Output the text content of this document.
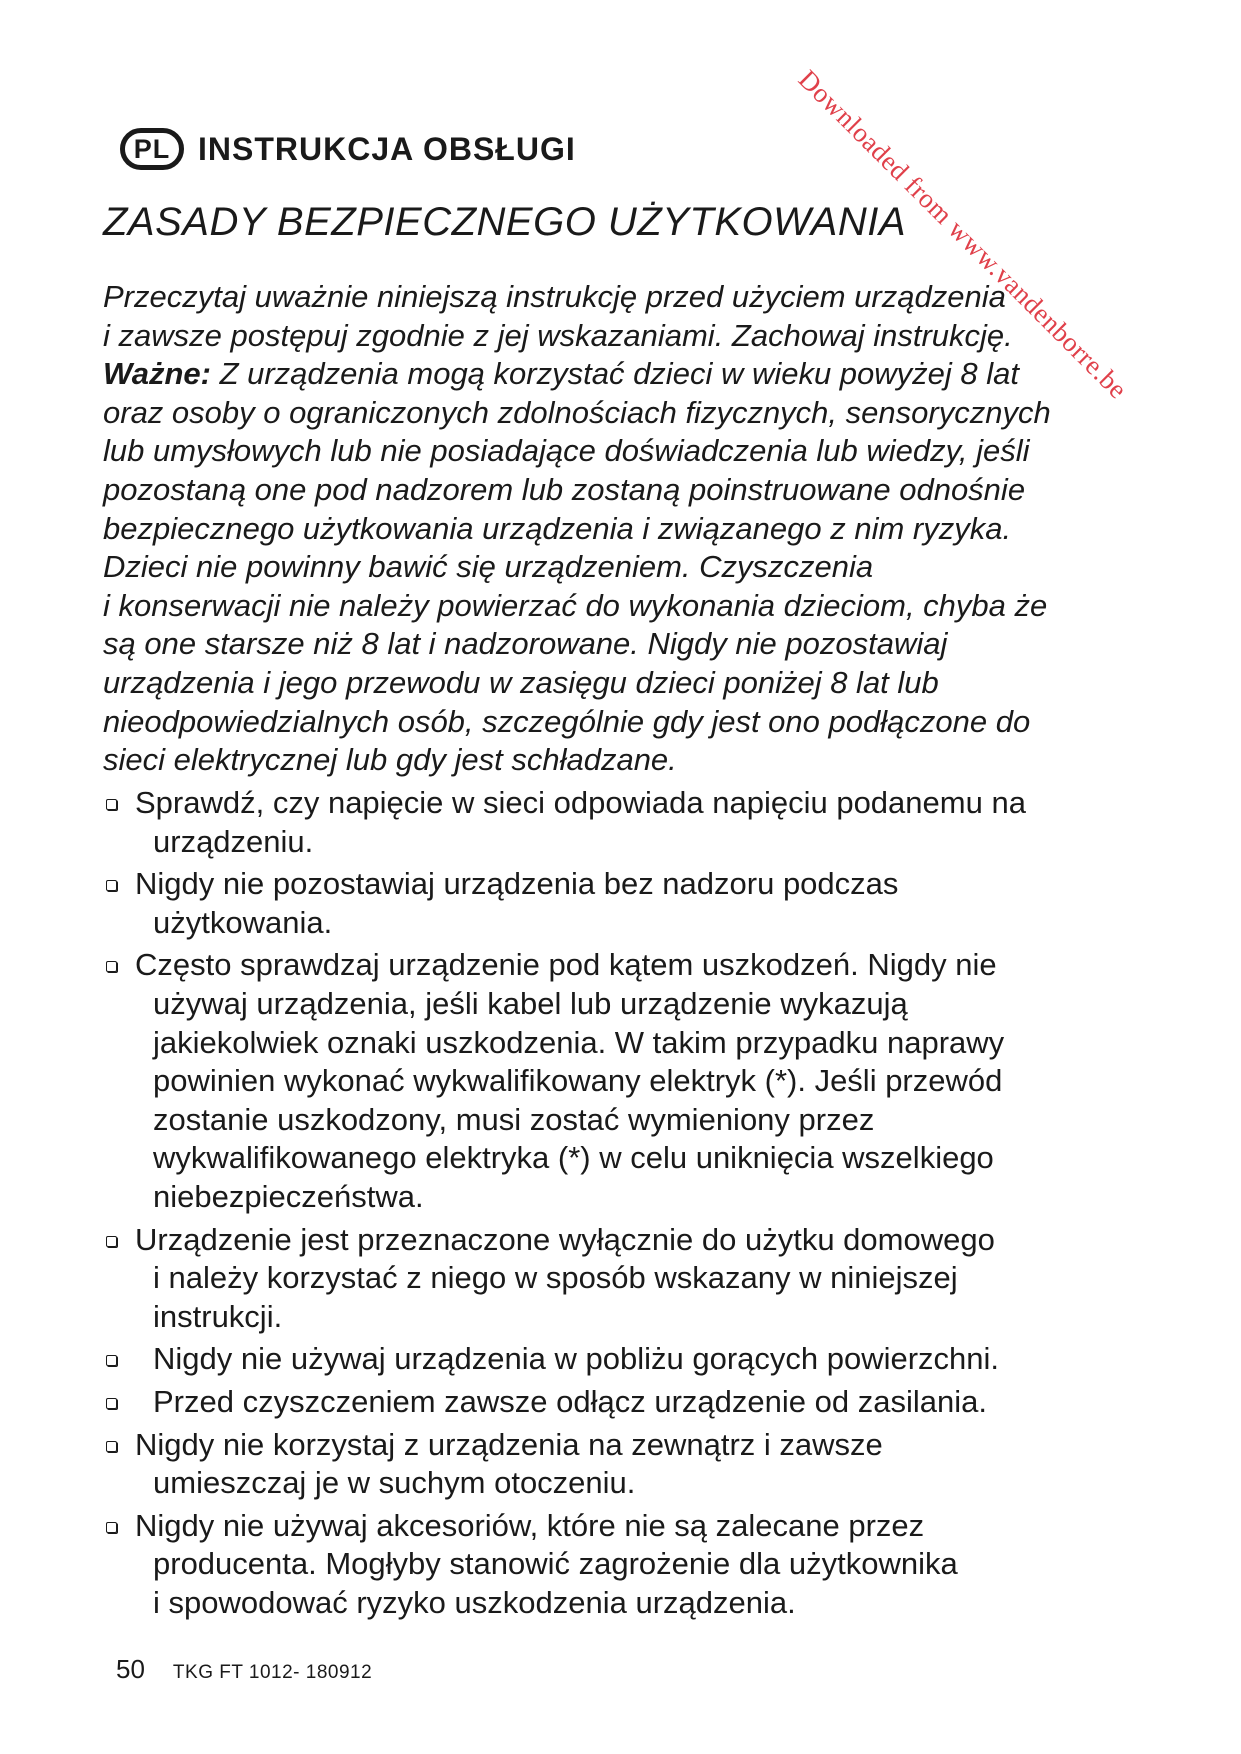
PL INSTRUKCJA OBSŁUGI
ZASADY BEZPIECZNEGO UŻYTKOWANIA
Przeczytaj uważnie niniejszą instrukcję przed użyciem urządzenia
i zawsze postępuj zgodnie z jej wskazaniami. Zachowaj instrukcję.
Ważne: Z urządzenia mogą korzystać dzieci w wieku powyżej 8 lat
oraz osoby o ograniczonych zdolnościach fizycznych, sensorycznych
lub umysłowych lub nie posiadające doświadczenia lub wiedzy, jeśli
pozostaną one pod nadzorem lub zostaną poinstruowane odnośnie
bezpiecznego użytkowania urządzenia i związanego z nim ryzyka.
Dzieci nie powinny bawić się urządzeniem. Czyszczenia
i konserwacji nie należy powierzać do wykonania dzieciom, chyba że
są one starsze niż 8 lat i nadzorowane. Nigdy nie pozostawiaj
urządzenia i jego przewodu w zasięgu dzieci poniżej 8 lat lub
nieodpowiedzialnych osób, szczególnie gdy jest ono podłączone do
sieci elektrycznej lub gdy jest schładzane.
Sprawdź, czy napięcie w sieci odpowiada napięciu podanemu na
urządzeniu.
Nigdy nie pozostawiaj urządzenia bez nadzoru podczas
użytkowania.
Często sprawdzaj urządzenie pod kątem uszkodzeń. Nigdy nie
używaj urządzenia, jeśli kabel lub urządzenie wykazują
jakiekolwiek oznaki uszkodzenia. W takim przypadku naprawy
powinien wykonać wykwalifikowany elektryk (*). Jeśli przewód
zostanie uszkodzony, musi zostać wymieniony przez
wykwalifikowanego elektryka (*) w celu uniknięcia wszelkiego
niebezpieczeństwa.
Urządzenie jest przeznaczone wyłącznie do użytku domowego
i należy korzystać z niego w sposób wskazany w niniejszej
instrukcji.
Nigdy nie używaj urządzenia w pobliżu gorących powierzchni.
Przed czyszczeniem zawsze odłącz urządzenie od zasilania.
Nigdy nie korzystaj z urządzenia na zewnątrz i zawsze
umieszczaj je w suchym otoczeniu.
Nigdy nie używaj akcesoriów, które nie są zalecane przez
producenta. Mogłyby stanowić zagrożenie dla użytkownika
i spowodować ryzyko uszkodzenia urządzenia.
50 TKG FT 1012- 180912
Downloaded from www.vandenborre.be
